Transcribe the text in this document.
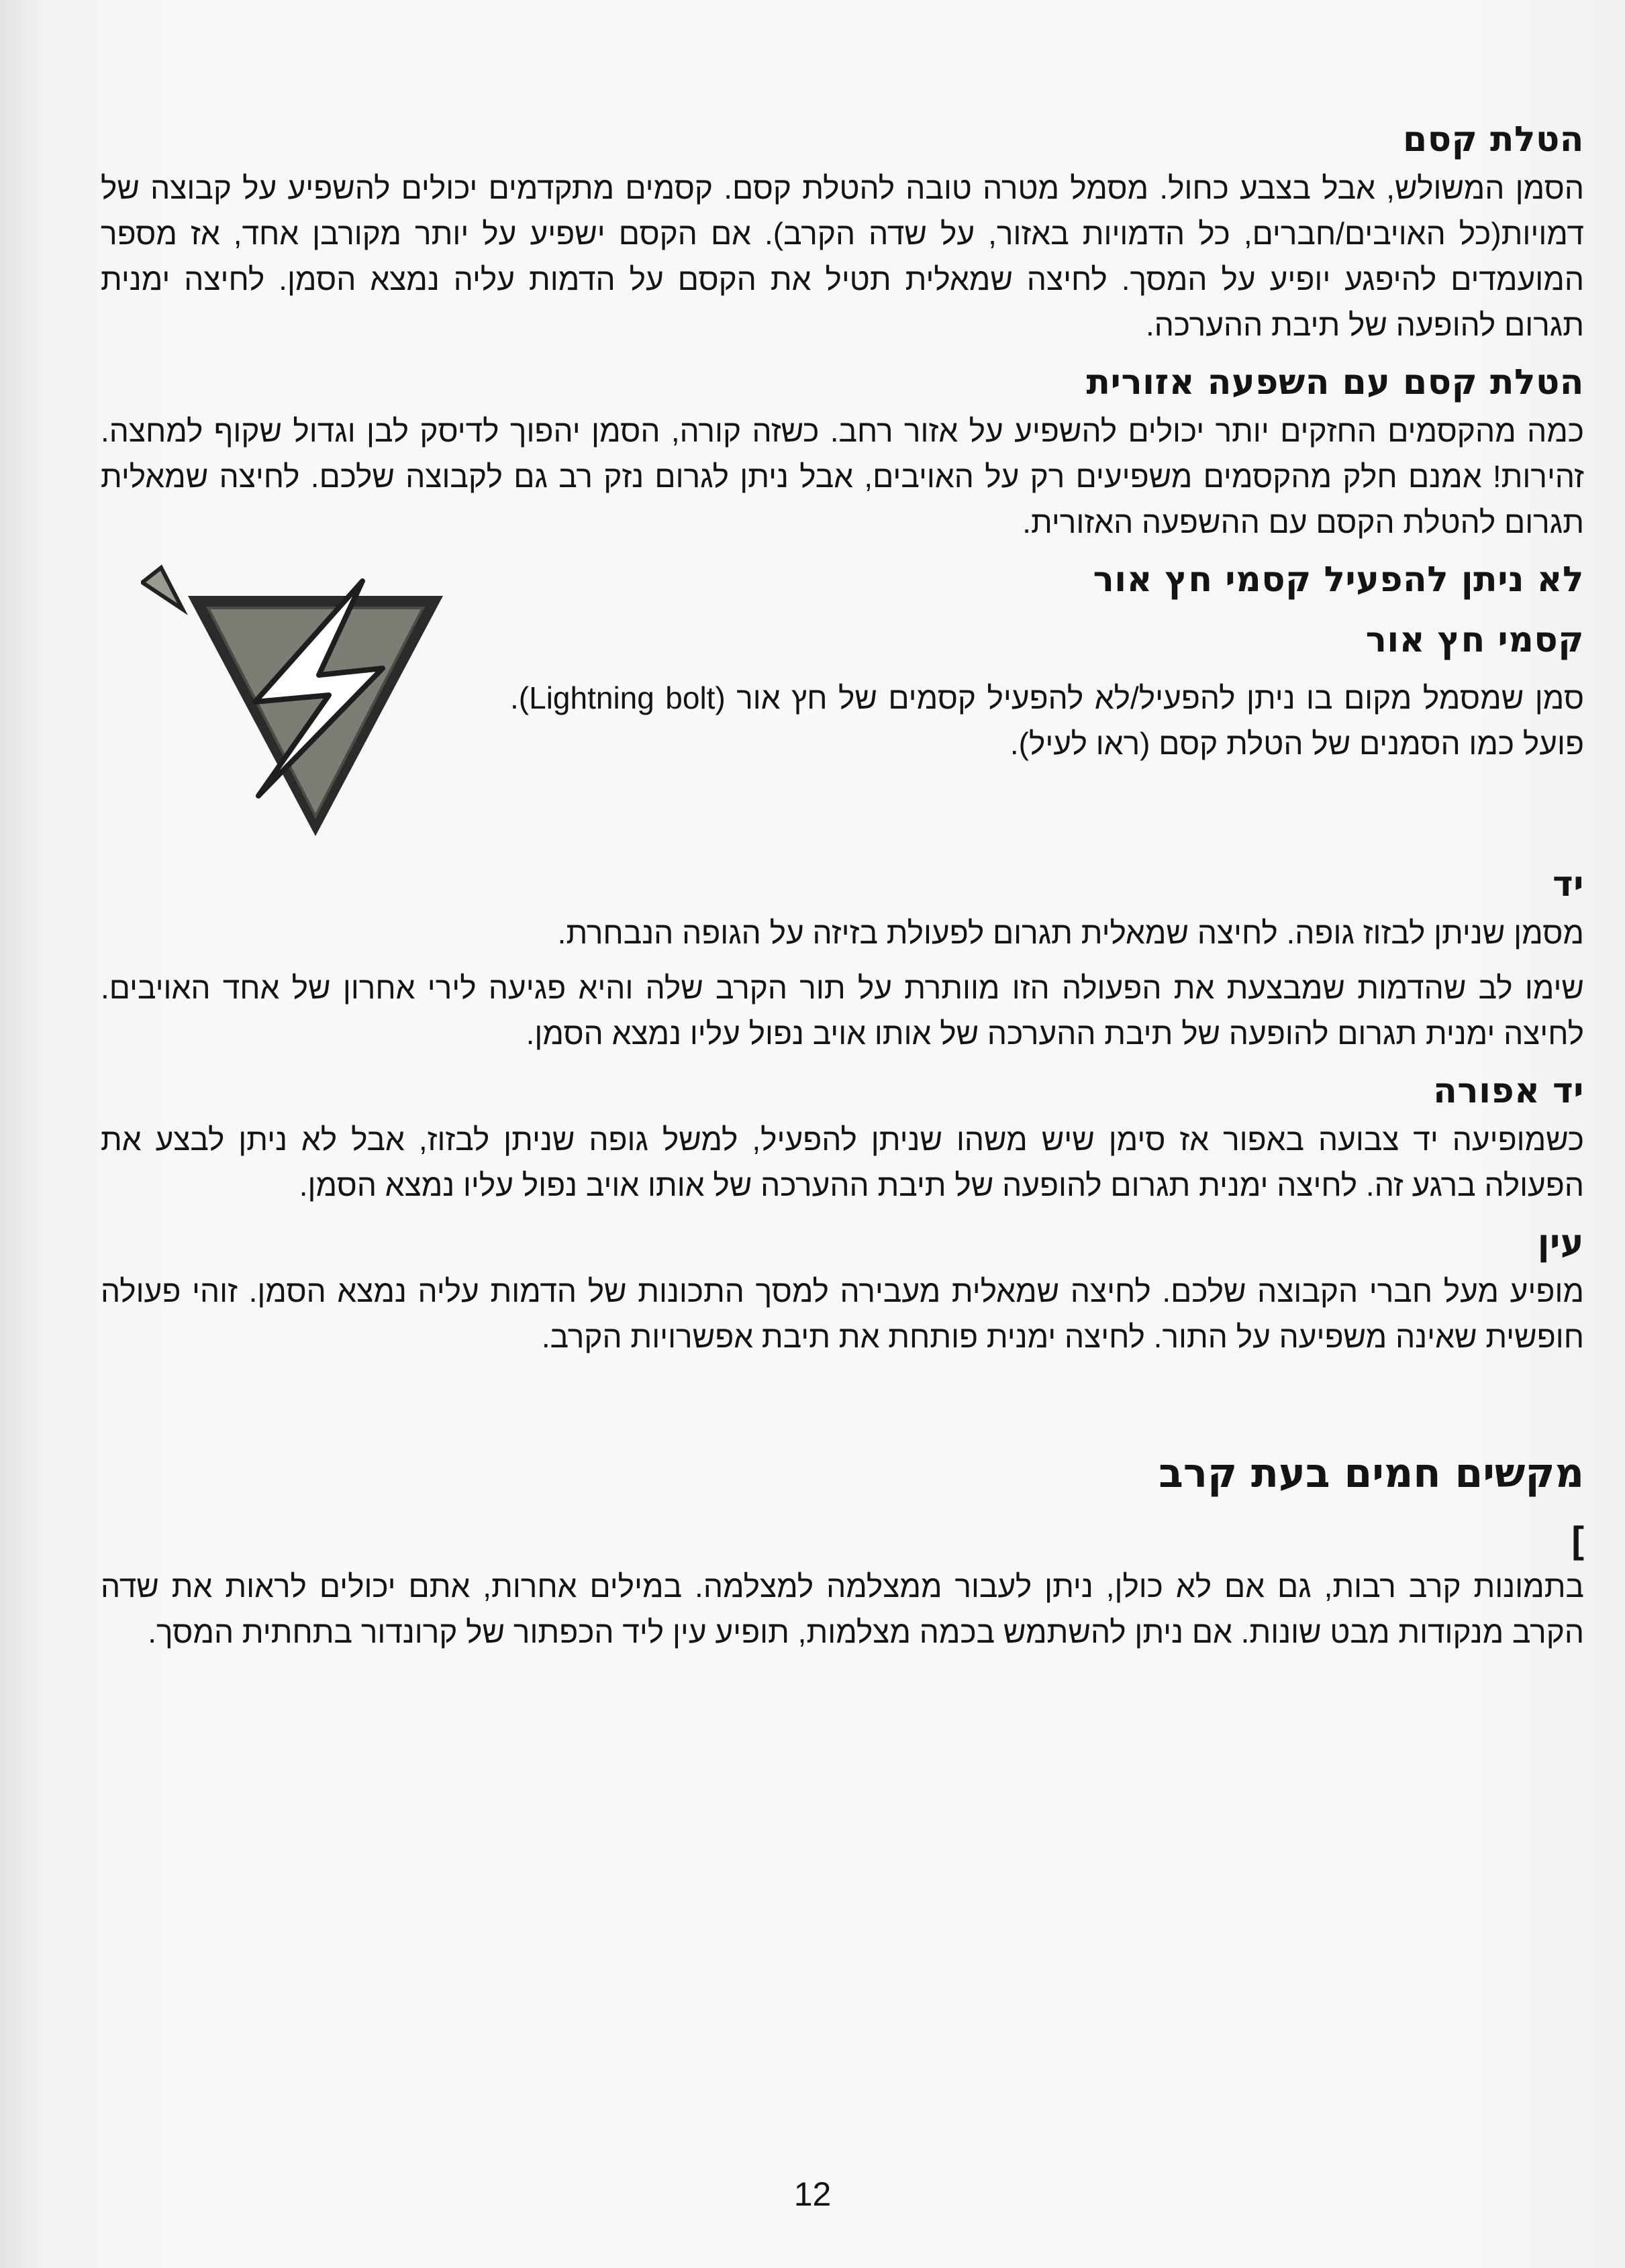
הטלת קסם

הסמן המשולש, אבל בצבע כחול. מסמל מטרה טובה להטלת קסם. קסמים מתקדמים יכולים להשפיע על קבוצה של דמויות(כל האויבים/חברים, כל הדמויות באזור, על שדה הקרב). אם הקסם ישפיע על יותר מקורבן אחד, אז מספר המועמדים להיפגע יופיע על המסך. לחיצה שמאלית תטיל את הקסם על הדמות עליה נמצא הסמן. לחיצה ימנית תגרום להופעה של תיבת ההערכה.

הטלת קסם עם השפעה אזורית

כמה מהקסמים החזקים יותר יכולים להשפיע על אזור רחב. כשזה קורה, הסמן יהפוך לדיסק לבן וגדול שקוף למחצה. זהירות! אמנם חלק מהקסמים משפיעים רק על האויבים, אבל ניתן לגרום נזק רב גם לקבוצה שלכם. לחיצה שמאלית תגרום להטלת הקסם עם ההשפעה האזורית.

לא ניתן להפעיל קסמי חץ אור

קסמי חץ אור

סמן שמסמל מקום בו ניתן להפעיל/לא להפעיל קסמים של חץ אור (Lightning bolt). פועל כמו הסמנים של הטלת קסם (ראו לעיל).

יד

מסמן שניתן לבזוז גופה. לחיצה שמאלית תגרום לפעולת בזיזה על הגופה הנבחרת.

שימו לב שהדמות שמבצעת את הפעולה הזו מוותרת על תור הקרב שלה והיא פגיעה לירי אחרון של אחד האויבים. לחיצה ימנית תגרום להופעה של תיבת ההערכה של אותו אויב נפול עליו נמצא הסמן.

יד אפורה

כשמופיעה יד צבועה באפור אז סימן שיש משהו שניתן להפעיל, למשל גופה שניתן לבזוז, אבל לא ניתן לבצע את הפעולה ברגע זה. לחיצה ימנית תגרום להופעה של תיבת ההערכה של אותו אויב נפול עליו נמצא הסמן.

עין

מופיע מעל חברי הקבוצה שלכם. לחיצה שמאלית מעבירה למסך התכונות של הדמות עליה נמצא הסמן. זוהי פעולה חופשית שאינה משפיעה על התור. לחיצה ימנית פותחת את תיבת אפשרויות הקרב.

מקשים חמים בעת קרב

]

בתמונות קרב רבות, גם אם לא כולן, ניתן לעבור ממצלמה למצלמה. במילים אחרות, אתם יכולים לראות את שדה הקרב מנקודות מבט שונות. אם ניתן להשתמש בכמה מצלמות, תופיע עין ליד הכפתור של קרונדור בתחתית המסך.

12
